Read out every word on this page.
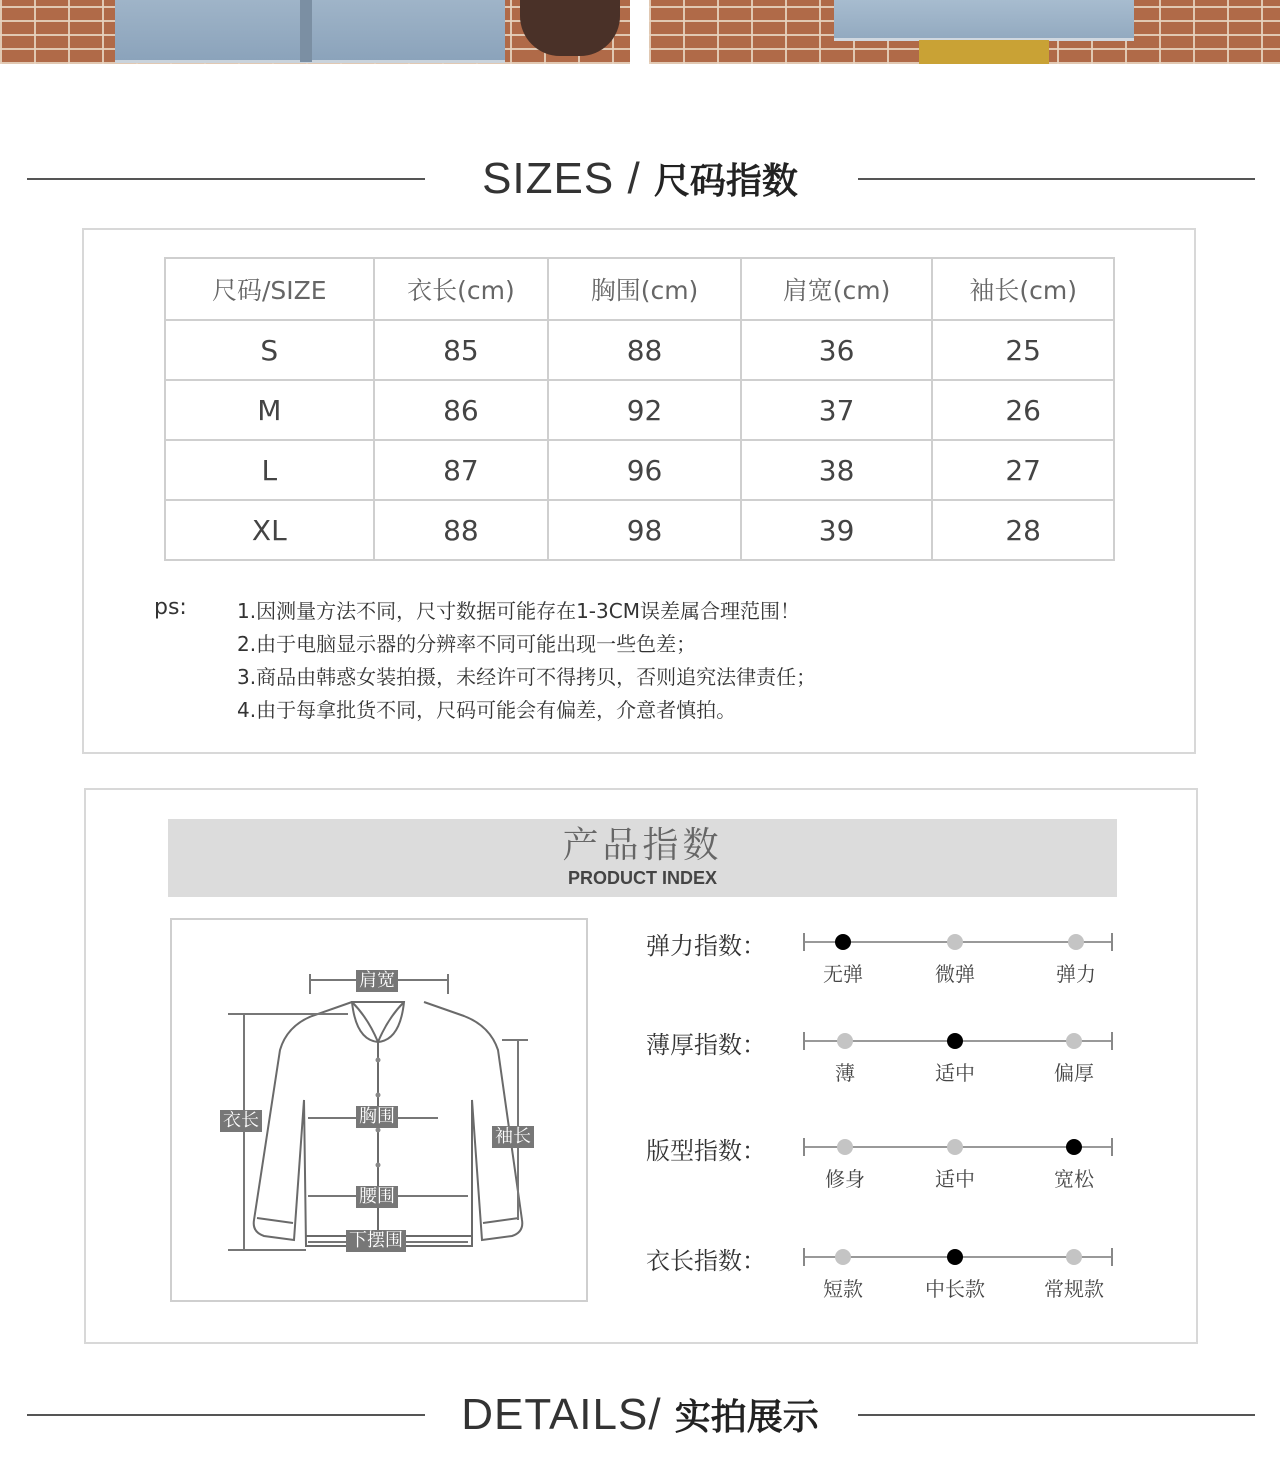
SIZES / 尺码指数
尺码/SIZE	衣长(cm)	胸围(cm)	肩宽(cm)	袖长(cm)
S	85	88	36	25
M	86	92	37	26
L	87	96	38	27
XL	88	98	39	28
ps:	1.因测量方法不同，尺寸数据可能存在1-3CM误差属合理范围！
2.由于电脑显示器的分辨率不同可能出现一些色差；
3.商品由韩惑女装拍摄，未经许可不得拷贝，否则追究法律责任；
4.由于每拿批货不同，尺码可能会有偏差，介意者慎拍。
产品指数
PRODUCT INDEX
肩宽
衣长	胸围
袖长
腰围
下摆围
弹力指数：
无弹	微弹	弹力
薄厚指数：
薄	适中	偏厚
版型指数：
修身	适中	宽松
衣长指数：
短款	中长款	常规款
DETAILS/ 实拍展示
